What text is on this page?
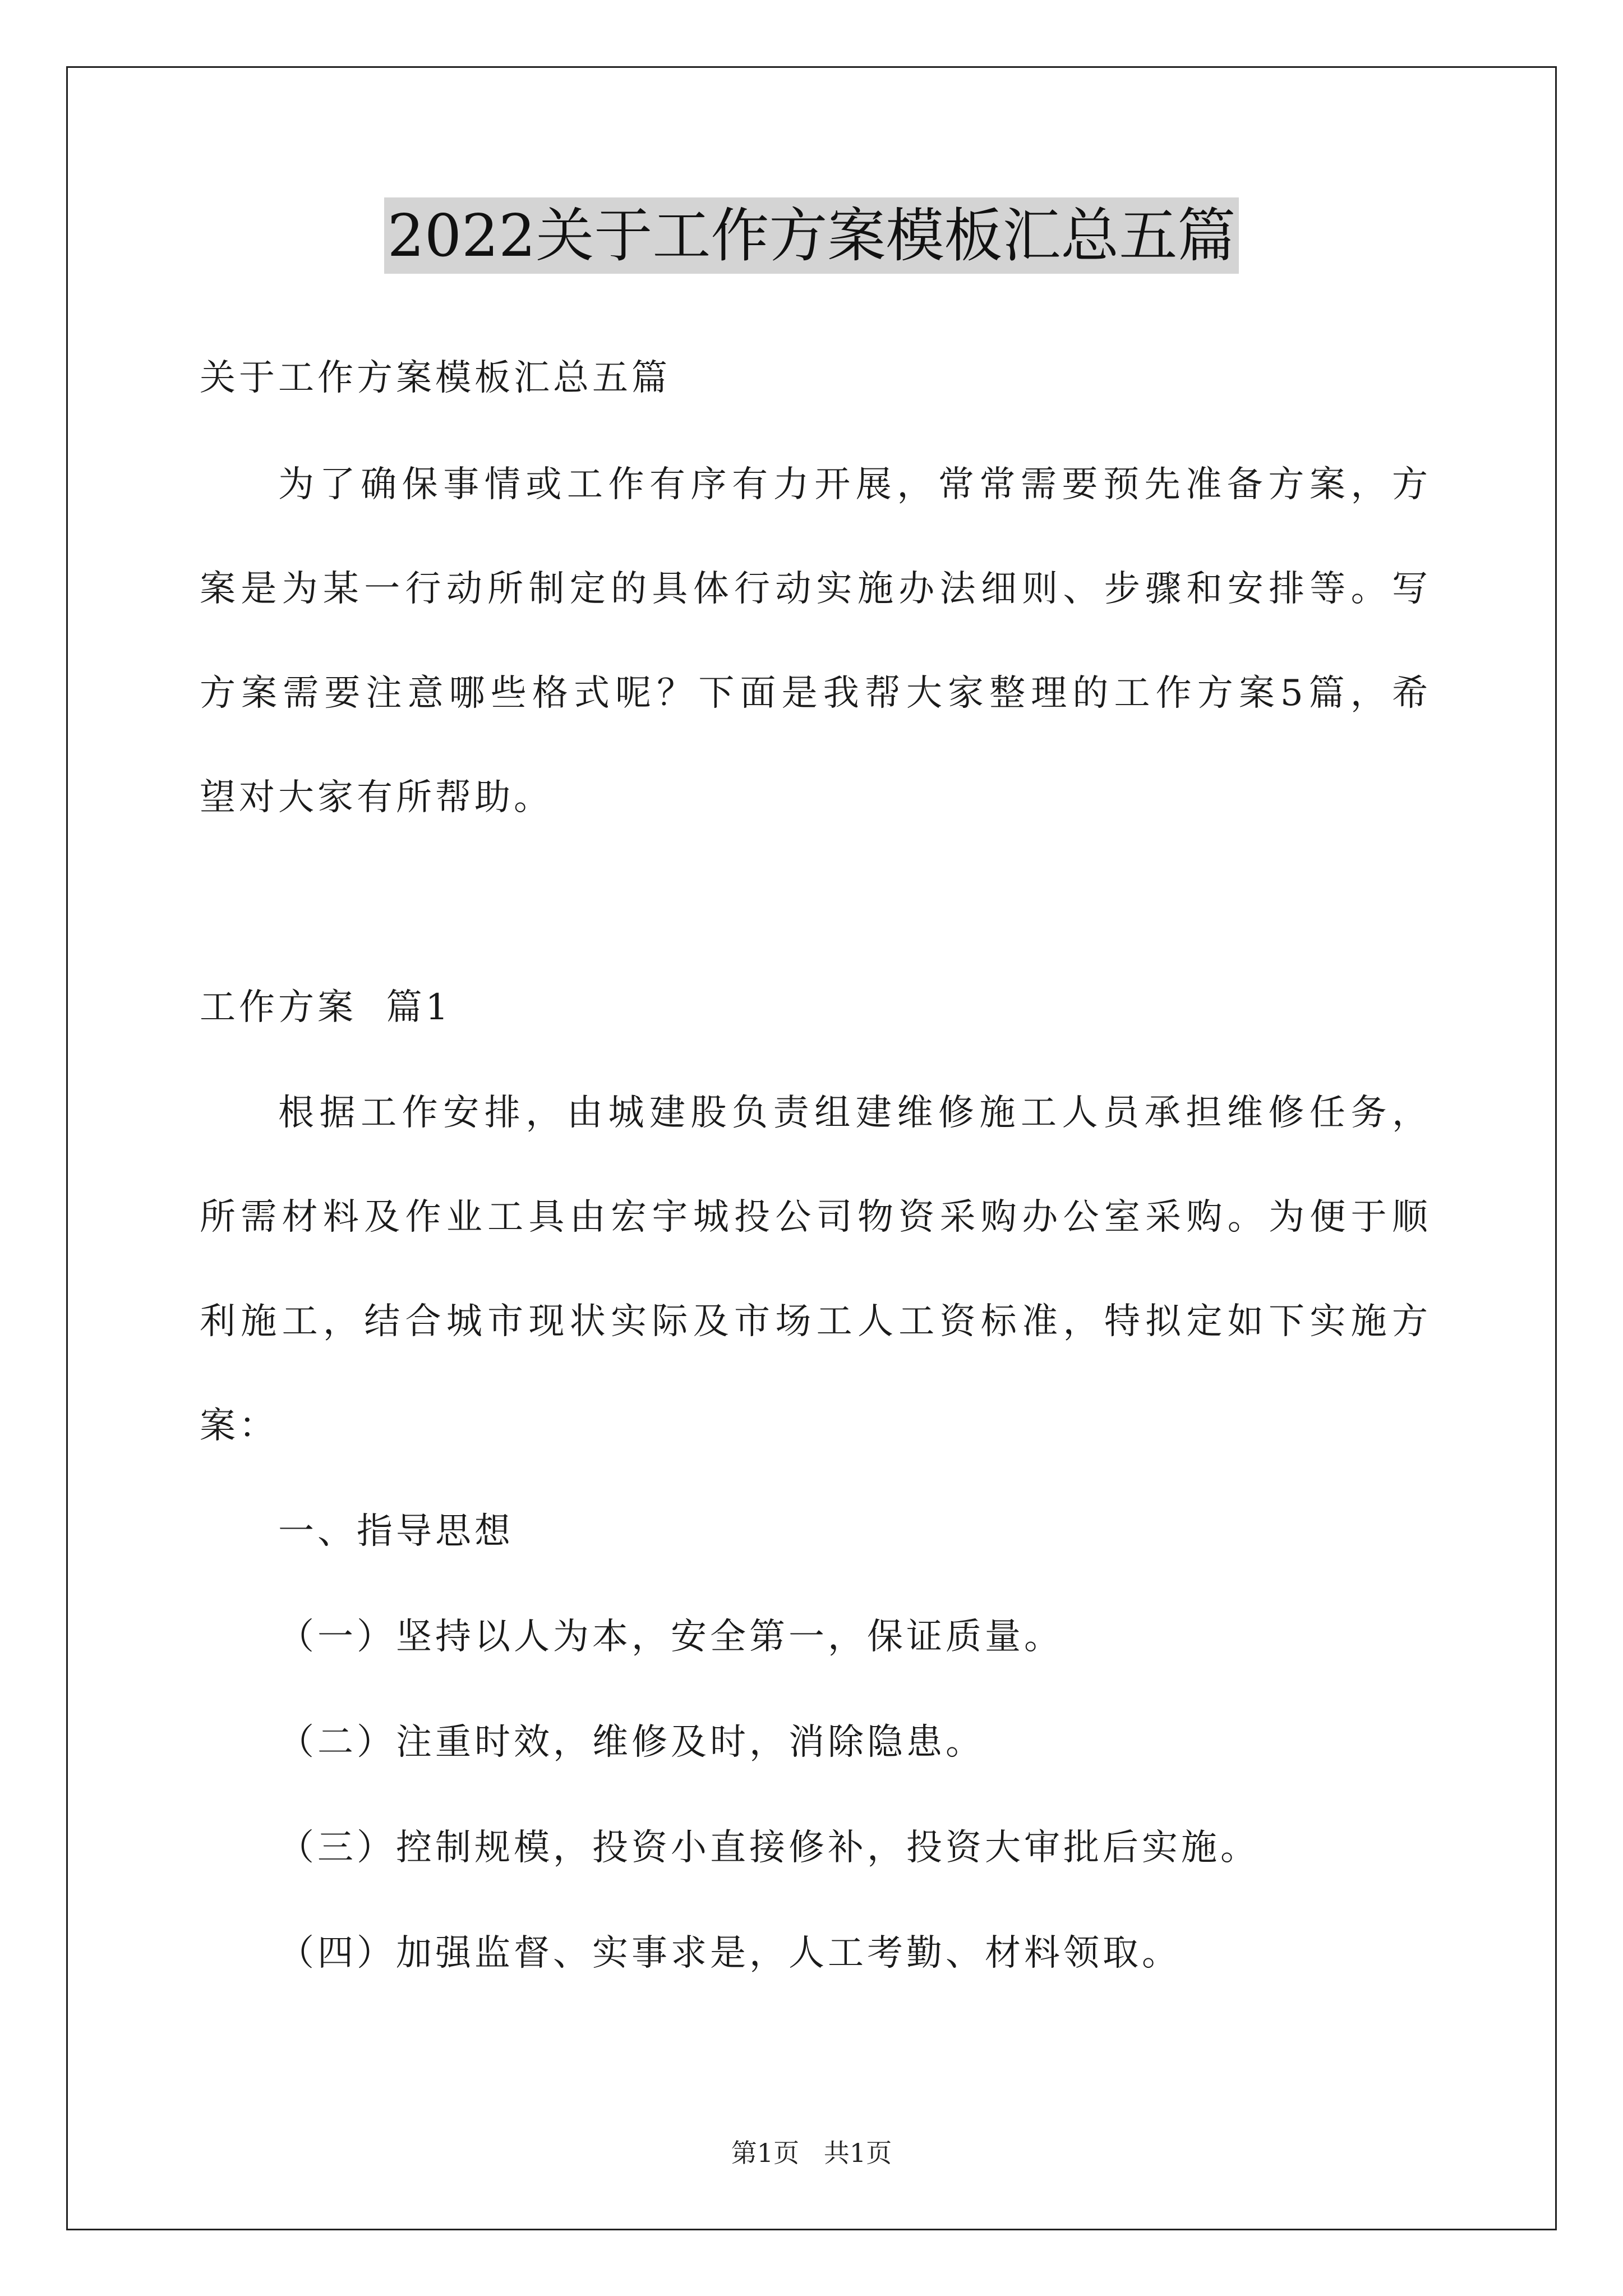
2022关于工作方案模板汇总五篇
关于工作方案模板汇总五篇
为了确保事情或工作有序有力开展，常常需要预先准备方案，方
案是为某一行动所制定的具体行动实施办法细则、步骤和安排等。写
方案需要注意哪些格式呢？下面是我帮大家整理的工作方案5篇，希
望对大家有所帮助。
工作方案  篇1
根据工作安排，由城建股负责组建维修施工人员承担维修任务，
所需材料及作业工具由宏宇城投公司物资采购办公室采购。为便于顺
利施工，结合城市现状实际及市场工人工资标准，特拟定如下实施方
案：
一、指导思想
（一）坚持以人为本，安全第一，保证质量。
（二）注重时效，维修及时，消除隐患。
（三）控制规模，投资小直接修补，投资大审批后实施。
（四）加强监督、实事求是，人工考勤、材料领取。
第1页   共1页
